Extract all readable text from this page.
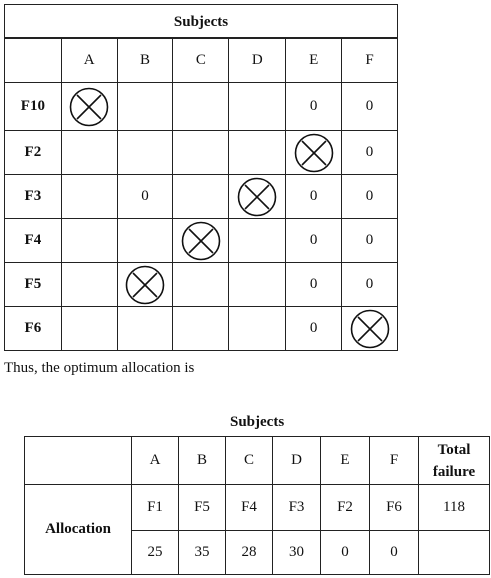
Subjects
	A	B	C	D	E	F
F10					0	0
F2						0
F3		0			0	0
F4					0	0
F5					0	0
F6					0	
Thus, the optimum allocation is
Subjects
	A	B	C	D	E	F	Total
failure
Allocation	F1	F5	F4	F3	F2	F6	118
	25	35	28	30	0	0	
